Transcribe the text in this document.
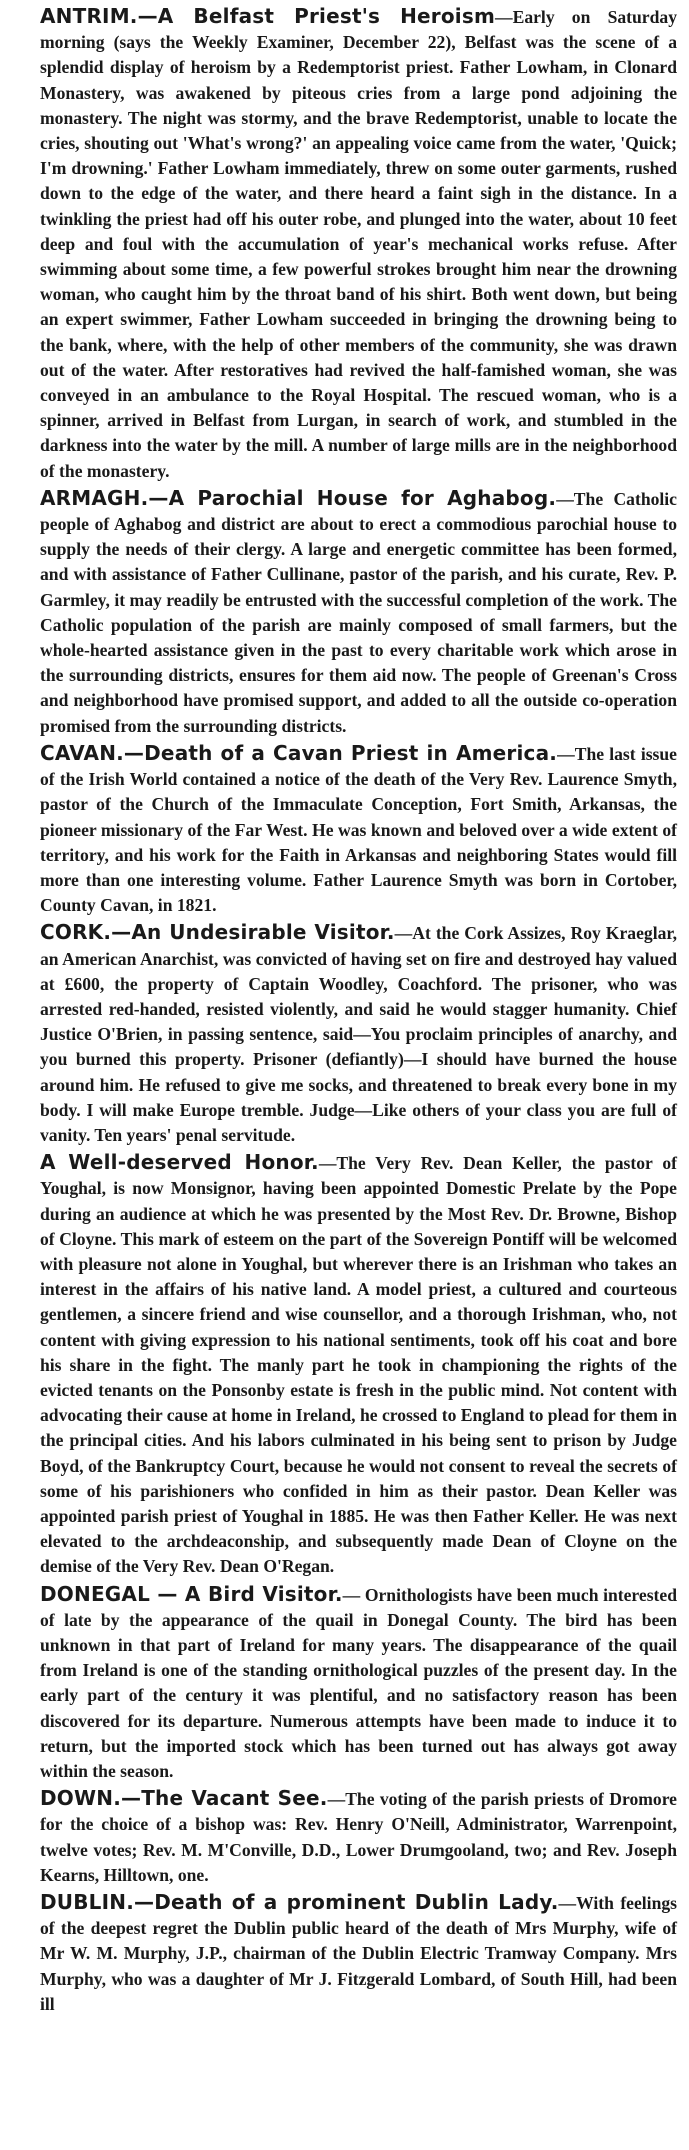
ANTRIM.—A Belfast Priest's Heroism—Early on Saturday morning (says the Weekly Examiner, December 22), Belfast was the scene of a splendid display of heroism by a Redemptorist priest. Father Lowham, in Clonard Monastery, was awakened by piteous cries from a large pond adjoining the monastery. The night was stormy, and the brave Redemptorist, unable to locate the cries, shouting out 'What's wrong?' an appealing voice came from the water, 'Quick; I'm drowning.' Father Lowham immediately, threw on some outer garments, rushed down to the edge of the water, and there heard a faint sigh in the distance. In a twinkling the priest had off his outer robe, and plunged into the water, about 10 feet deep and foul with the accumulation of year's mechanical works refuse. After swimming about some time, a few powerful strokes brought him near the drowning woman, who caught him by the throat band of his shirt. Both went down, but being an expert swimmer, Father Lowham succeeded in bringing the drowning being to the bank, where, with the help of other members of the community, she was drawn out of the water. After restoratives had revived the half-famished woman, she was conveyed in an ambulance to the Royal Hospital. The rescued woman, who is a spinner, arrived in Belfast from Lurgan, in search of work, and stumbled in the darkness into the water by the mill. A number of large mills are in the neighborhood of the monastery.

ARMAGH.—A Parochial House for Aghabog.—The Catholic people of Aghabog and district are about to erect a commodious parochial house to supply the needs of their clergy. A large and energetic committee has been formed, and with assistance of Father Cullinane, pastor of the parish, and his curate, Rev. P. Garmley, it may readily be entrusted with the successful completion of the work. The Catholic population of the parish are mainly composed of small farmers, but the whole-hearted assistance given in the past to every charitable work which arose in the surrounding districts, ensures for them aid now. The people of Greenan's Cross and neighborhood have promised support, and added to all the outside co-operation promised from the surrounding districts.

CAVAN.—Death of a Cavan Priest in America.—The last issue of the Irish World contained a notice of the death of the Very Rev. Laurence Smyth, pastor of the Church of the Immaculate Conception, Fort Smith, Arkansas, the pioneer missionary of the Far West. He was known and beloved over a wide extent of territory, and his work for the Faith in Arkansas and neighboring States would fill more than one interesting volume. Father Laurence Smyth was born in Cortober, County Cavan, in 1821.

CORK.—An Undesirable Visitor.—At the Cork Assizes, Roy Kraeglar, an American Anarchist, was convicted of having set on fire and destroyed hay valued at £600, the property of Captain Woodley, Coachford. The prisoner, who was arrested red-handed, resisted violently, and said he would stagger humanity. Chief Justice O'Brien, in passing sentence, said—You proclaim principles of anarchy, and you burned this property. Prisoner (defiantly)—I should have burned the house around him. He refused to give me socks, and threatened to break every bone in my body. I will make Europe tremble. Judge—Like others of your class you are full of vanity. Ten years' penal servitude.

A Well-deserved Honor.—The Very Rev. Dean Keller, the pastor of Youghal, is now Monsignor, having been appointed Domestic Prelate by the Pope during an audience at which he was presented by the Most Rev. Dr. Browne, Bishop of Cloyne. This mark of esteem on the part of the Sovereign Pontiff will be welcomed with pleasure not alone in Youghal, but wherever there is an Irishman who takes an interest in the affairs of his native land. A model priest, a cultured and courteous gentlemen, a sincere friend and wise counsellor, and a thorough Irishman, who, not content with giving expression to his national sentiments, took off his coat and bore his share in the fight. The manly part he took in championing the rights of the evicted tenants on the Ponsonby estate is fresh in the public mind. Not content with advocating their cause at home in Ireland, he crossed to England to plead for them in the principal cities. And his labors culminated in his being sent to prison by Judge Boyd, of the Bankruptcy Court, because he would not consent to reveal the secrets of some of his parishioners who confided in him as their pastor. Dean Keller was appointed parish priest of Youghal in 1885. He was then Father Keller. He was next elevated to the archdeaconship, and subsequently made Dean of Cloyne on the demise of the Very Rev. Dean O'Regan.

DONEGAL — A Bird Visitor.— Ornithologists have been much interested of late by the appearance of the quail in Donegal County. The bird has been unknown in that part of Ireland for many years. The disappearance of the quail from Ireland is one of the standing ornithological puzzles of the present day. In the early part of the century it was plentiful, and no satisfactory reason has been discovered for its departure. Numerous attempts have been made to induce it to return, but the imported stock which has been turned out has always got away within the season.

DOWN.—The Vacant See.—The voting of the parish priests of Dromore for the choice of a bishop was: Rev. Henry O'Neill, Administrator, Warrenpoint, twelve votes; Rev. M. M'Conville, D.D., Lower Drumgooland, two; and Rev. Joseph Kearns, Hilltown, one.

DUBLIN.—Death of a prominent Dublin Lady.—With feelings of the deepest regret the Dublin public heard of the death of Mrs Murphy, wife of Mr W. M. Murphy, J.P., chairman of the Dublin Electric Tramway Company. Mrs Murphy, who was a daughter of Mr J. Fitzgerald Lombard, of South Hill, had been ill
